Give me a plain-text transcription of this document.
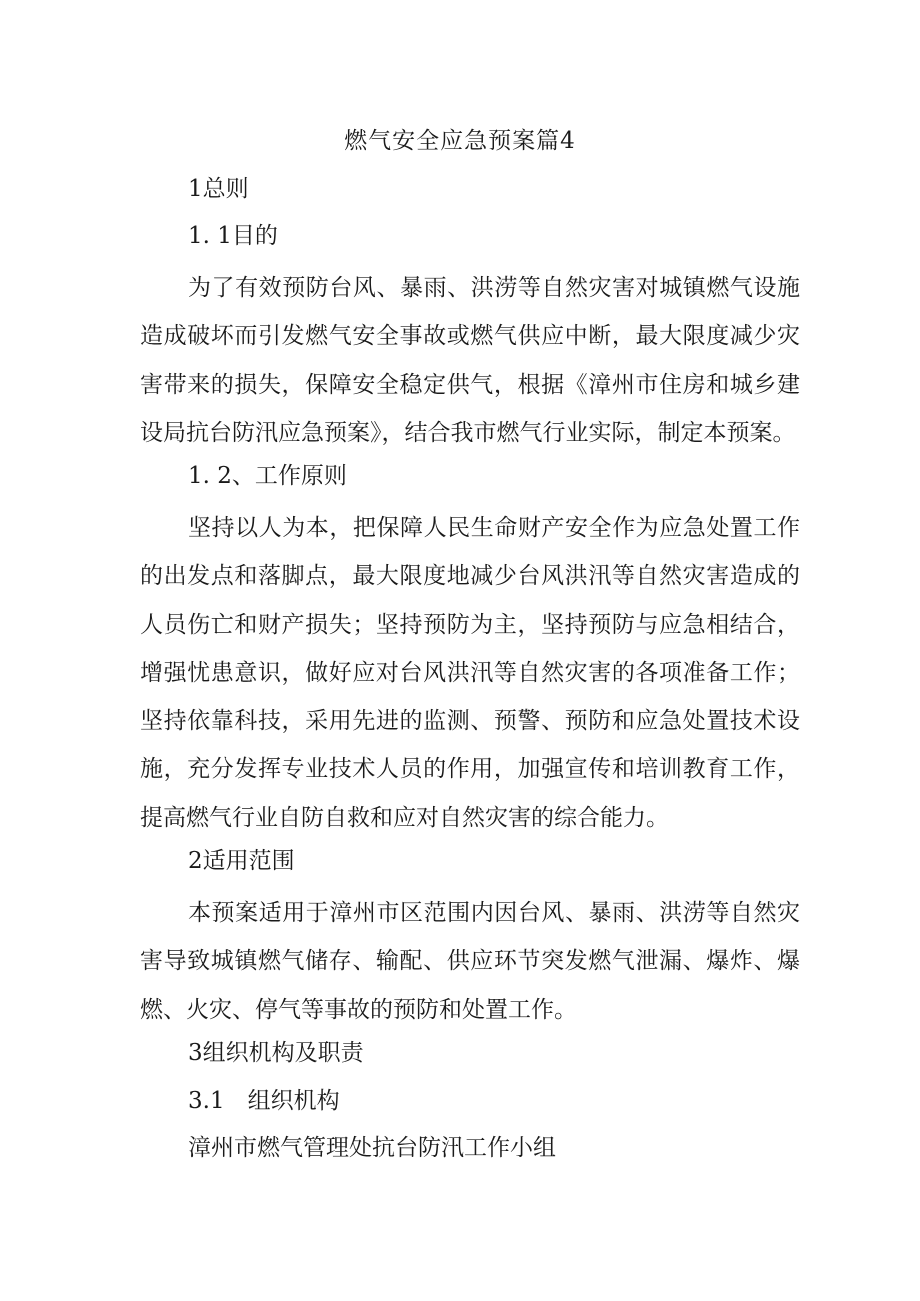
燃气安全应急预案篇4
1总则
1. 1目的

为了有效预防台风、暴雨、洪涝等自然灾害对城镇燃气设施造成破坏而引发燃气安全事故或燃气供应中断，最大限度减少灾害带来的损失，保障安全稳定供气，根据《漳州市住房和城乡建设局抗台防汛应急预案》，结合我市燃气行业实际，制定本预案。

1. 2、工作原则

坚持以人为本，把保障人民生命财产安全作为应急处置工作的出发点和落脚点，最大限度地减少台风洪汛等自然灾害造成的人员伤亡和财产损失；坚持预防为主，坚持预防与应急相结合，增强忧患意识，做好应对台风洪汛等自然灾害的各项准备工作；坚持依靠科技，采用先进的监测、预警、预防和应急处置技术设施，充分发挥专业技术人员的作用，加强宣传和培训教育工作，提高燃气行业自防自救和应对自然灾害的综合能力。

2适用范围

本预案适用于漳州市区范围内因台风、暴雨、洪涝等自然灾害导致城镇燃气储存、输配、供应环节突发燃气泄漏、爆炸、爆燃、火灾、停气等事故的预防和处置工作。

3组织机构及职责
3.1　组织机构
漳州市燃气管理处抗台防汛工作小组
